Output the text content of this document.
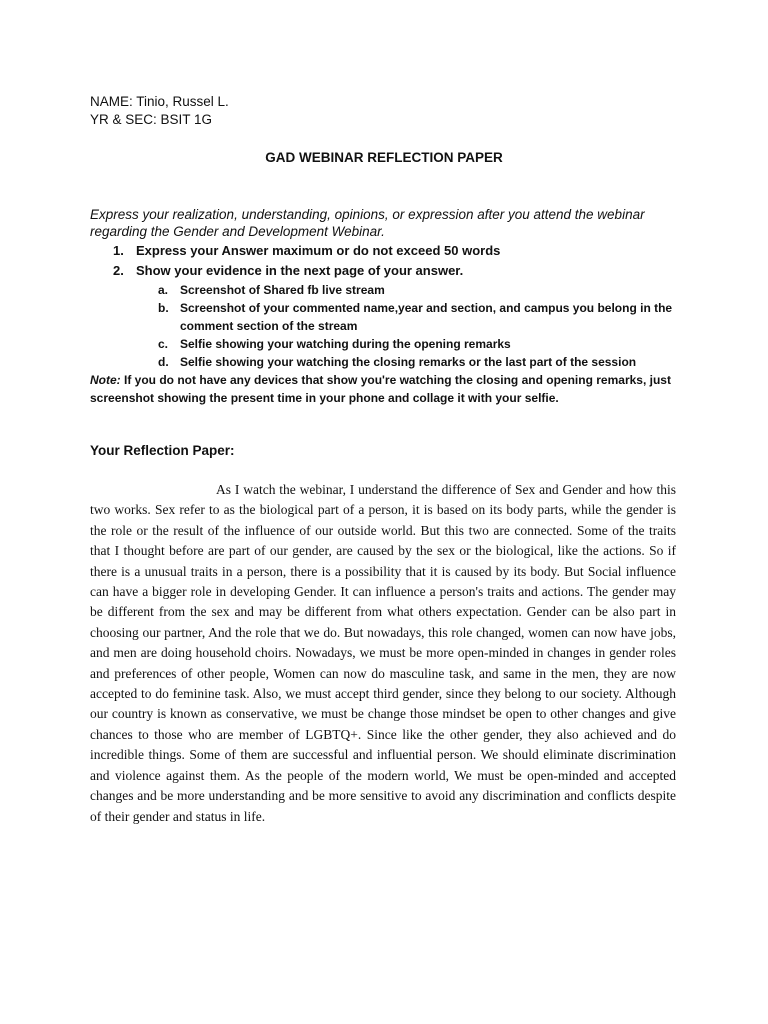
NAME: Tinio, Russel L.
YR & SEC: BSIT 1G
GAD WEBINAR REFLECTION PAPER
Express your realization, understanding, opinions, or expression after you attend the webinar regarding the Gender and Development Webinar.
1. Express your Answer maximum or do not exceed 50 words
2. Show your evidence in the next page of your answer.
a. Screenshot of Shared fb live stream
b. Screenshot of your commented name,year and section, and campus you belong in the comment section of the stream
c. Selfie showing your watching during the opening remarks
d. Selfie showing your watching the closing remarks or the last part of the session
Note: If you do not have any devices that show you're watching the closing and opening remarks, just screenshot showing the present time in your phone and collage it with your selfie.
Your Reflection Paper:

As I watch the webinar, I understand the difference of Sex and Gender and how this two works. Sex refer to as the biological part of a person, it is based on its body parts, while the gender is the role or the result of the influence of our outside world. But this two are connected. Some of the traits that I thought before are part of our gender, are caused by the sex or the biological, like the actions. So if there is a unusual traits in a person, there is a possibility that it is caused by its body. But Social influence can have a bigger role in developing Gender. It can influence a person's traits and actions. The gender may be different from the sex and may be different from what others expectation. Gender can be also part in choosing our partner, And the role that we do. But nowadays, this role changed, women can now have jobs, and men are doing household choirs. Nowadays, we must be more open-minded in changes in gender roles and preferences of other people, Women can now do masculine task, and same in the men, they are now accepted to do feminine task. Also, we must accept third gender, since they belong to our society. Although our country is known as conservative, we must be change those mindset be open to other changes and give chances to those who are member of LGBTQ+. Since like the other gender, they also achieved and do incredible things. Some of them are successful and influential person. We should eliminate discrimination and violence against them. As the people of the modern world, We must be open-minded and accepted changes and be more understanding and be more sensitive to avoid any discrimination and conflicts despite of their gender and status in life.
